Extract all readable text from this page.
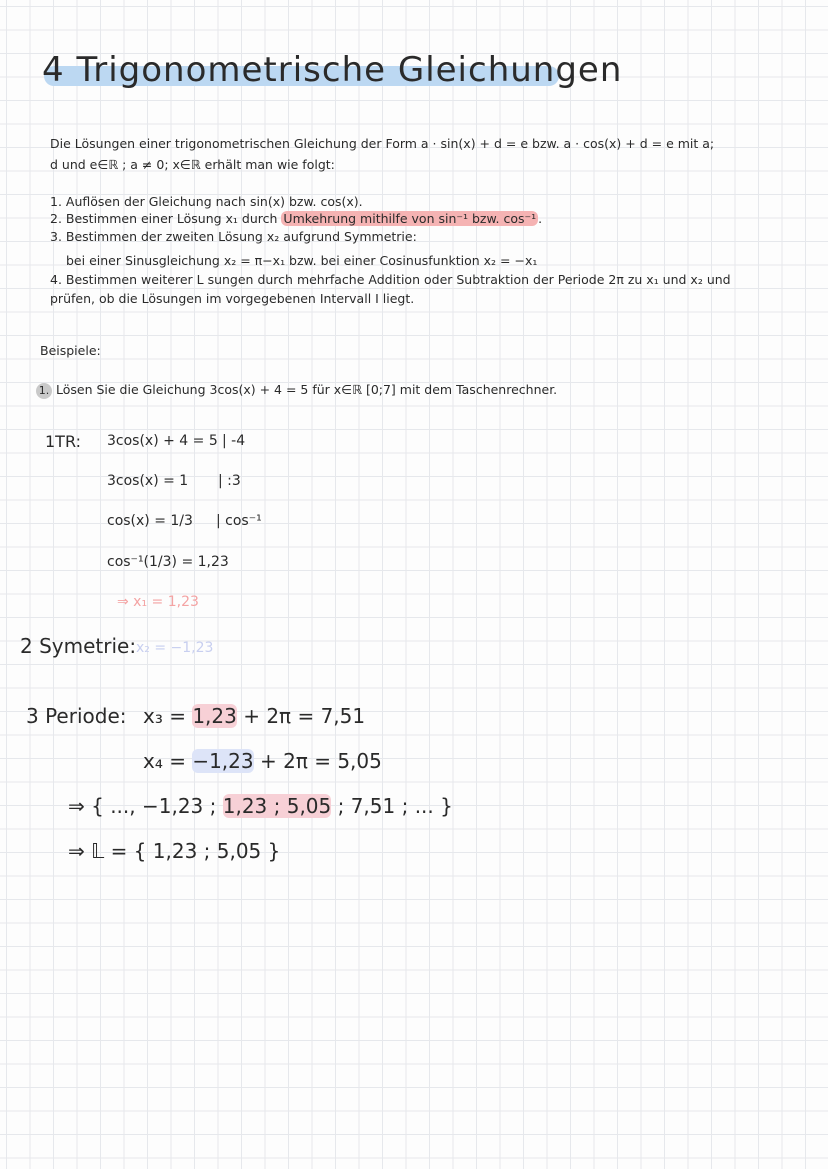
4 Trigonometrische Gleichungen
Die Lösungen einer trigonometrischen Gleichung der Form a · sin(x) + d = e bzw. a · cos(x) + d = e mit a;
d und e∈ℝ ; a ≠ 0; x∈ℝ erhält man wie folgt:
1. Auflösen der Gleichung nach sin(x) bzw. cos(x).
2. Bestimmen einer Lösung x₁ durch Umkehrung mithilfe von sin⁻¹ bzw. cos⁻¹ .
3. Bestimmen der zweiten Lösung x₂ aufgrund Symmetrie:
bei einer Sinusgleichung x₂ = π−x₁ bzw. bei einer Cosinusfunktion x₂ = −x₁
4. Bestimmen weiterer L sungen durch mehrfache Addition oder Subtraktion der Periode 2π zu x₁ und x₂ und
prüfen, ob die Lösungen im vorgegebenen Intervall I liegt.
Beispiele:
1. Lösen Sie die Gleichung 3cos(x) + 4 = 5 für x∈ℝ [0;7] mit dem Taschenrechner.
1TR: 3cos(x) + 4 = 5 | -4
3cos(x) = 1 | :3
cos(x) = 1/3 | cos⁻¹
cos⁻¹(1/3) = 1,23
⇒ x₁ = 1,23
2 Symetrie: x₂ = −1,23
3 Periode: x₃ = 1,23 + 2π = 7,51
x₄ = −1,23 + 2π = 5,05
⇒ { ..., −1,23 ; 1,23 ; 5,05 ; 7,51 ; ... }
⇒ 𝕃 = { 1,23 ; 5,05 }
